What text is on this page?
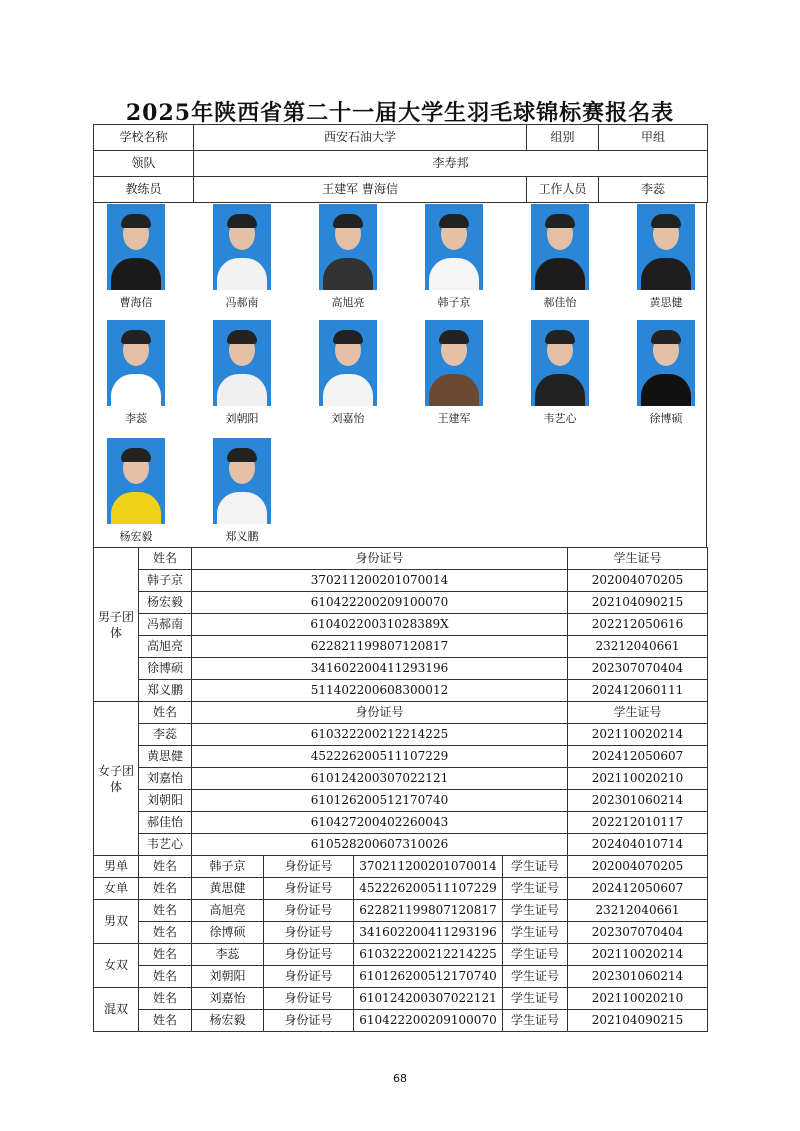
2025年陕西省第二十一届大学生羽毛球锦标赛报名表
学校名称	西安石油大学	组别	甲组
领队	李寿邦		
教练员	王建军 曹海信	工作人员	李蕊
曹海信	冯郝南	高旭亮	韩子京	郝佳怡	黄思健
李蕊	刘朝阳	刘嘉怡	王建军	韦艺心	徐博硕
杨宏毅	郑义鹏
男子团体	姓名	身份证号	学生证号
	韩子京	370211200201070014	202004070205
	杨宏毅	610422200209100070	202104090215
	冯郝南	61040220031028389X	202212050616
	高旭亮	622821199807120817	23212040661
	徐博硕	341602200411293196	202307070404
	郑义鹏	511402200608300012	202412060111
女子团体	姓名	身份证号	学生证号
	李蕊	610322200212214225	202110020214
	黄思健	452226200511107229	202412050607
	刘嘉怡	610124200307022121	202110020210
	刘朝阳	610126200512170740	202301060214
	郝佳怡	610427200402260043	202212010117
	韦艺心	610528200607310026	202404010714
男单	姓名	韩子京	身份证号	370211200201070014	学生证号	202004070205
女单	姓名	黄思健	身份证号	452226200511107229	学生证号	202412050607
男双	姓名	高旭亮	身份证号	622821199807120817	学生证号	23212040661
	姓名	徐博硕	身份证号	341602200411293196	学生证号	202307070404
女双	姓名	李蕊	身份证号	610322200212214225	学生证号	202110020214
	姓名	刘朝阳	身份证号	610126200512170740	学生证号	202301060214
混双	姓名	刘嘉怡	身份证号	610124200307022121	学生证号	202110020210
	姓名	杨宏毅	身份证号	610422200209100070	学生证号	202104090215
68
